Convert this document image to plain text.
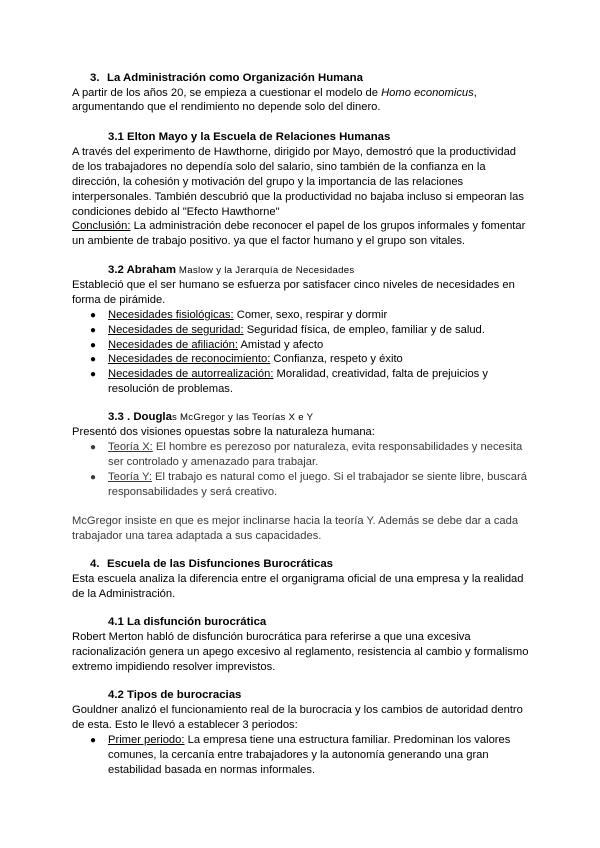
3. La Administración como Organización Humana
A partir de los años 20, se empieza a cuestionar el modelo de Homo economicus,
argumentando que el rendimiento no depende solo del dinero.
3.1 Elton Mayo y la Escuela de Relaciones Humanas
A través del experimento de Hawthorne, dirigido por Mayo, demostró que la productividad
de los trabajadores no dependía solo del salario, sino también de la confianza en la
dirección, la cohesión y motivación del grupo y la importancia de las relaciones
interpersonales. También descubrió que la productividad no bajaba incluso si empeoran las
condiciones debido al "Efecto Hawthorne"
Conclusión: La administración debe reconocer el papel de los grupos informales y fomentar
un ambiente de trabajo positivo. ya que el factor humano y el grupo son vitales.
3.2 Abraham Maslow y la Jerarquía de Necesidades
Estableció que el ser humano se esfuerza por satisfacer cinco niveles de necesidades en
forma de pirámide.
● Necesidades fisiológicas: Comer, sexo, respirar y dormir
● Necesidades de seguridad: Seguridad física, de empleo, familiar y de salud.
● Necesidades de afiliación: Amistad y afecto
● Necesidades de reconocimiento: Confianza, respeto y éxito
● Necesidades de autorrealización: Moralidad, creatividad, falta de prejuicios y
resolución de problemas.
3.3 . Douglas McGregor y las Teorías X e Y
Presentó dos visiones opuestas sobre la naturaleza humana:
● Teoría X: El hombre es perezoso por naturaleza, evita responsabilidades y necesita
ser controlado y amenazado para trabajar.
● Teoría Y: El trabajo es natural como el juego. Si el trabajador se siente libre, buscará
responsabilidades y será creativo.
McGregor insiste en que es mejor inclinarse hacia la teoría Y. Además se debe dar a cada
trabajador una tarea adaptada a sus capacidades.
4. Escuela de las Disfunciones Burocráticas
Esta escuela analiza la diferencia entre el organigrama oficial de una empresa y la realidad
de la Administración.
4.1 La disfunción burocrática
Robert Merton habló de disfunción burocrática para referirse a que una excesiva
racionalización genera un apego excesivo al reglamento, resistencia al cambio y formalismo
extremo impidiendo resolver imprevistos.
4.2 Tipos de burocracias
Gouldner analizó el funcionamiento real de la burocracia y los cambios de autoridad dentro
de esta. Esto le llevó a establecer 3 periodos:
● Primer periodo: La empresa tiene una estructura familiar. Predominan los valores
comunes, la cercanía entre trabajadores y la autonomía generando una gran
estabilidad basada en normas informales.
